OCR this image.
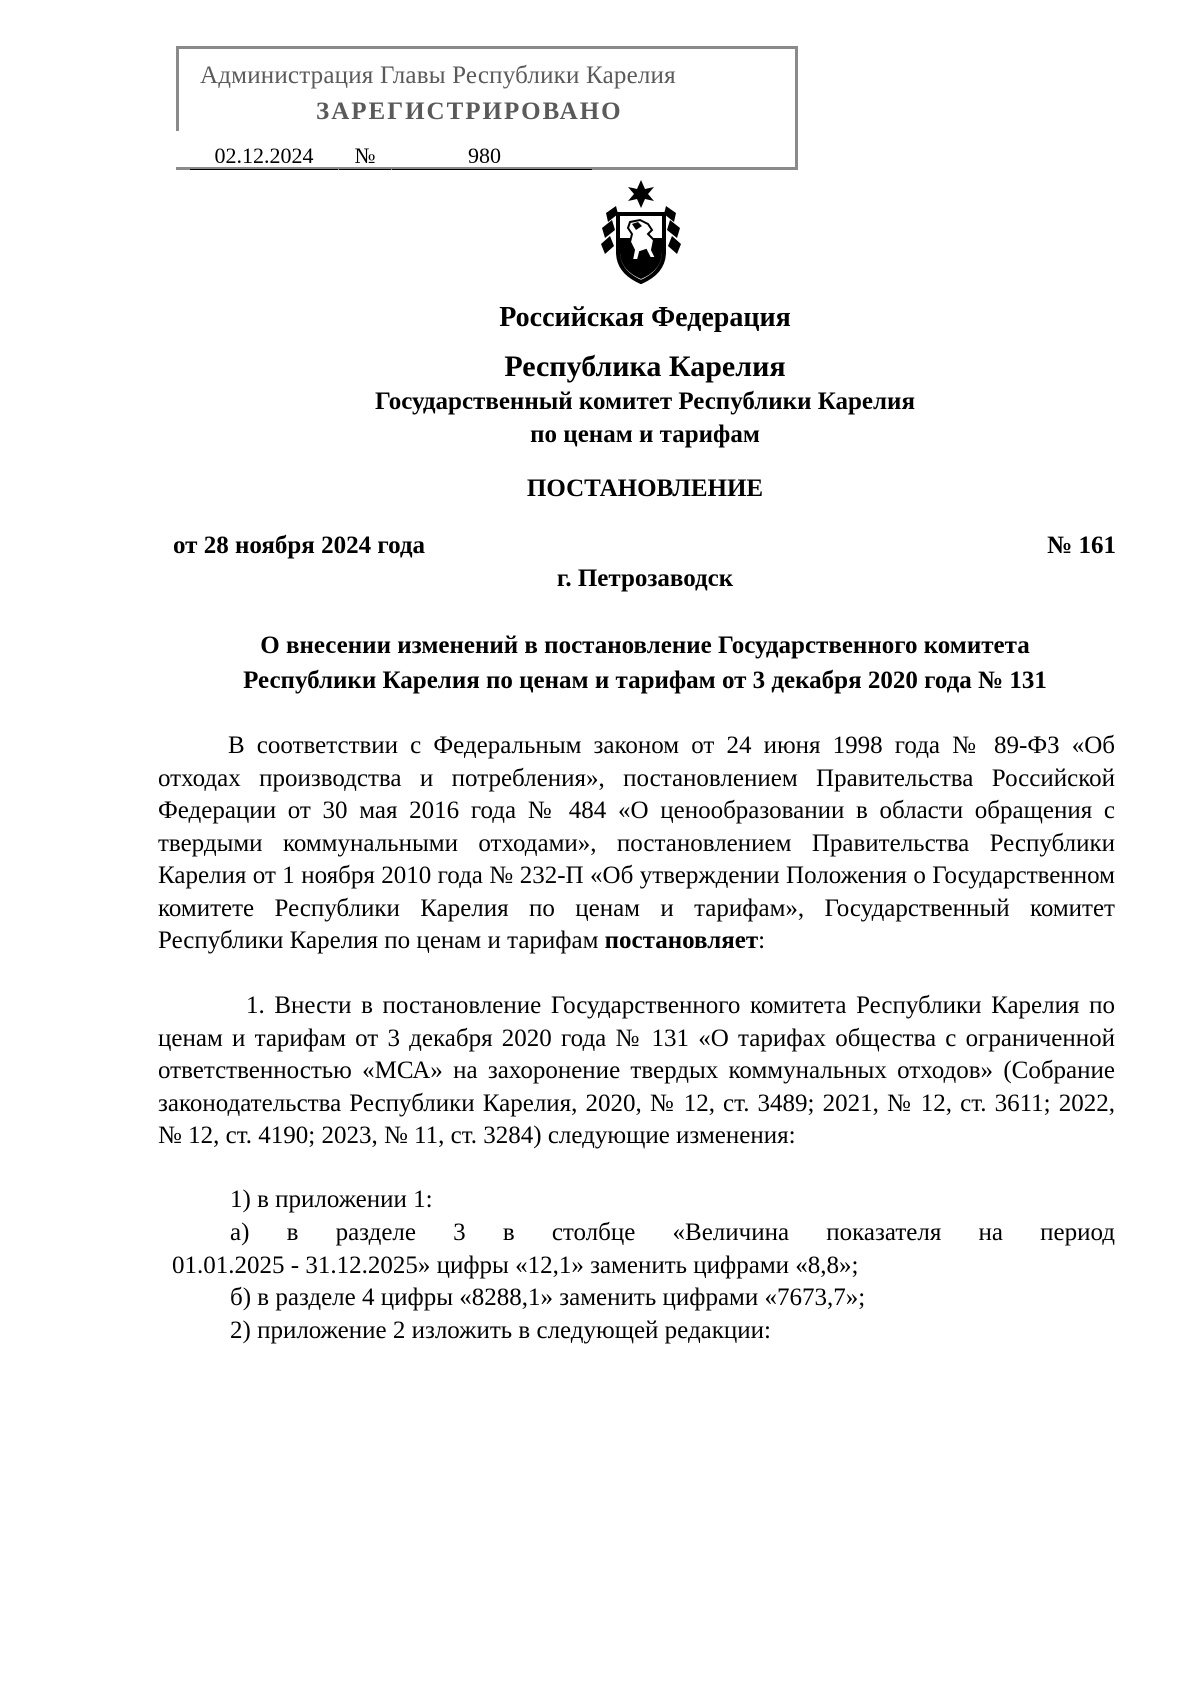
Администрация Главы Республики Карелия
ЗАРЕГИСТРИРОВАНО
02.12.2024	№	980
Российская Федерация
Республика Карелия
Государственный комитет Республики Карелия
по ценам и тарифам
ПОСТАНОВЛЕНИЕ
от 28 ноября 2024 года	№ 161
г. Петрозаводск
О внесении изменений в постановление Государственного комитета
Республики Карелия по ценам и тарифам от 3 декабря 2020 года № 131
В соответствии с Федеральным законом от 24 июня 1998 года № 89-ФЗ «Об отходах производства и потребления», постановлением Правительства Российской Федерации от 30 мая 2016 года № 484 «О ценообразовании в области обращения с твердыми коммунальными отходами», постановлением Правительства Республики Карелия от 1 ноября 2010 года № 232-П «Об утверждении Положения о Государственном комитете Республики Карелия по ценам и тарифам», Государственный комитет Республики Карелия по ценам и тарифам постановляет:
1. Внести в постановление Государственного комитета Республики Карелия по ценам и тарифам от 3 декабря 2020 года № 131 «О тарифах общества с ограниченной ответственностью «МСА» на захоронение твердых коммунальных отходов» (Собрание законодательства Республики Карелия, 2020, № 12, ст. 3489; 2021, № 12, ст. 3611; 2022, № 12, ст. 4190; 2023, № 11, ст. 3284) следующие изменения:
1) в приложении 1:
а) в разделе 3 в столбце «Величина показателя на период
01.01.2025 - 31.12.2025» цифры «12,1» заменить цифрами «8,8»;
б) в разделе 4 цифры «8288,1» заменить цифрами «7673,7»;
2) приложение 2 изложить в следующей редакции:
